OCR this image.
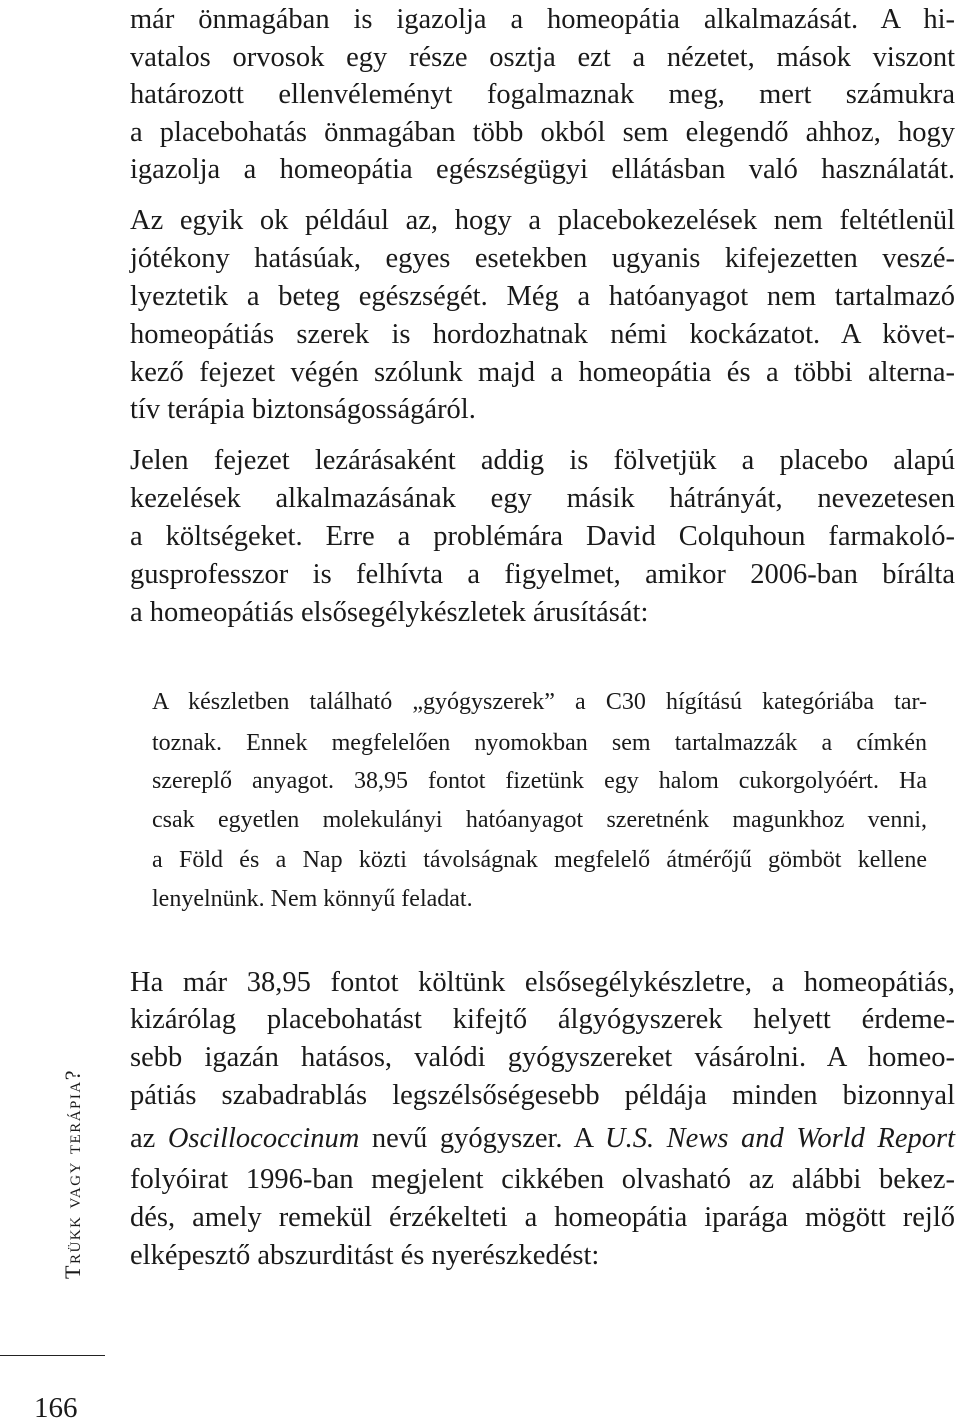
már önmagában is igazolja a homeopátia alkalmazását. A hi-
vatalos orvosok egy része osztja ezt a nézetet, mások viszont
határozott ellenvéleményt fogalmaznak meg, mert számukra
a placebohatás önmagában több okból sem elegendő ahhoz, hogy
igazolja a homeopátia egészségügyi ellátásban való használatát.
Az egyik ok például az, hogy a placebokezelések nem feltétlenül
jótékony hatásúak, egyes esetekben ugyanis kifejezetten veszé-
lyeztetik a beteg egészségét. Még a hatóanyagot nem tartalmazó
homeopátiás szerek is hordozhatnak némi kockázatot. A követ-
kező fejezet végén szólunk majd a homeopátia és a többi alterna-
tív terápia biztonságosságáról.
Jelen fejezet lezárásaként addig is fölvetjük a placebo alapú
kezelések alkalmazásának egy másik hátrányát, nevezetesen
a költségeket. Erre a problémára David Colquhoun farmakoló-
gusprofesszor is felhívta a figyelmet, amikor 2006-ban bírálta
a homeopátiás elsősegélykészletek árusítását:
A készletben található „gyógyszerek” a C30 hígítású kategóriába tar-
toznak. Ennek megfelelően nyomokban sem tartalmazzák a címkén
szereplő anyagot. 38,95 fontot fizetünk egy halom cukorgolyóért. Ha
csak egyetlen molekulányi hatóanyagot szeretnénk magunkhoz venni,
a Föld és a Nap közti távolságnak megfelelő átmérőjű gömböt kellene
lenyelnünk. Nem könnyű feladat.
Ha már 38,95 fontot költünk elsősegélykészletre, a homeopátiás,
kizárólag placebohatást kifejtő álgyógyszerek helyett érdeme-
sebb igazán hatásos, valódi gyógyszereket vásárolni. A homeo-
pátiás szabadrablás legszélsőségesebb példája minden bizonnyal
az Oscillococcinum nevű gyógyszer. A U.S. News and World Report
folyóirat 1996-ban megjelent cikkében olvasható az alábbi bekez-
dés, amely remekül érzékelteti a homeopátia iparága mögött rejlő
elképesztő abszurditást és nyerészkedést:
Trükk vagy terápia?
166
